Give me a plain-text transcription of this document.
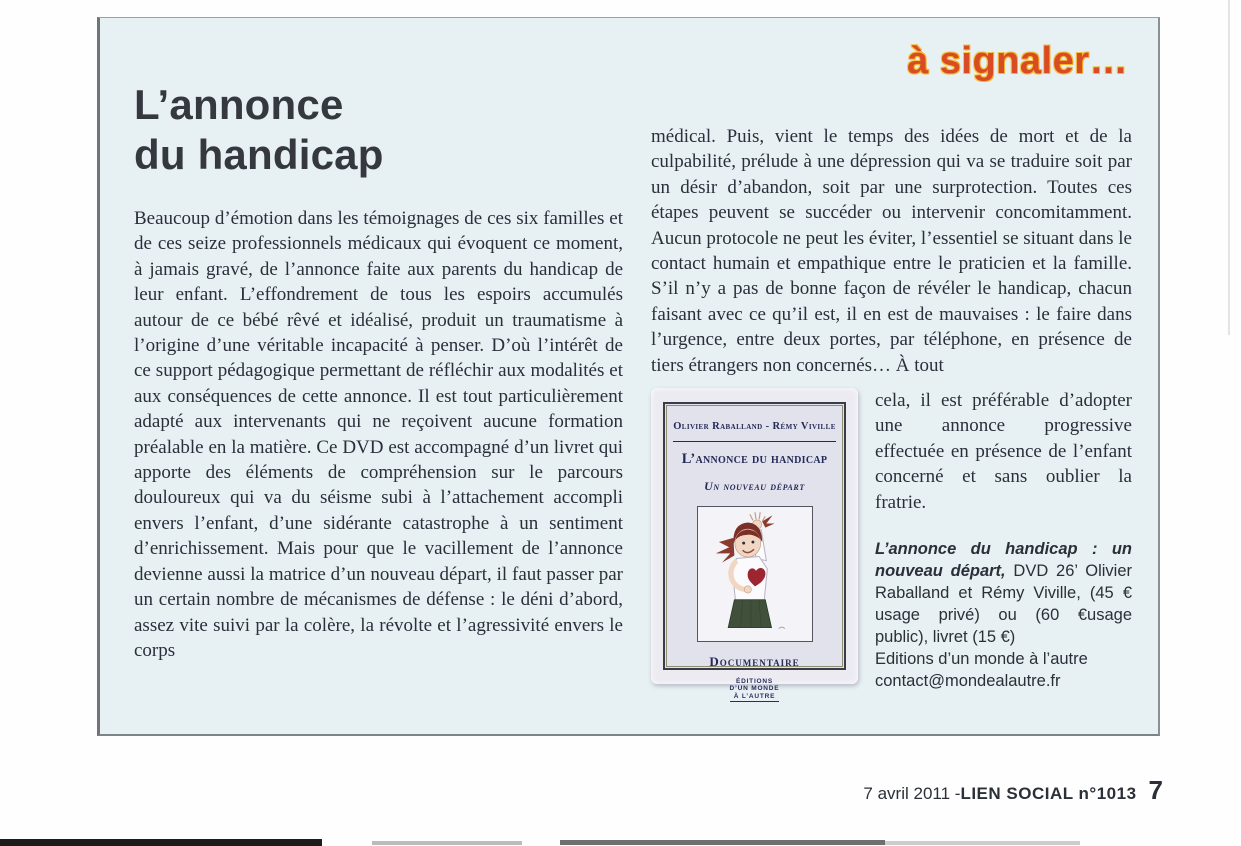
à signaler…
L’annonce
du handicap

Beaucoup d’émotion dans les témoignages de ces six familles et de ces seize professionnels médicaux qui évoquent ce moment, à jamais gravé, de l’annonce faite aux parents du handicap de leur enfant. L’effondrement de tous les espoirs accumulés autour de ce bébé rêvé et idéalisé, produit un traumatisme à l’origine d’une véritable incapacité à penser. D’où l’intérêt de ce support pédagogique permettant de réfléchir aux modalités et aux conséquences de cette annonce. Il est tout particulièrement adapté aux intervenants qui ne reçoivent aucune formation préalable en la matière. Ce DVD est accompagné d’un livret qui apporte des éléments de compréhension sur le parcours douloureux qui va du séisme subi à l’attachement accompli envers l’enfant, d’une sidérante catastrophe à un sentiment d’enrichissement. Mais pour que le vacillement de l’annonce devienne aussi la matrice d’un nouveau départ, il faut passer par un certain nombre de mécanismes de défense : le déni d’abord, assez vite suivi par la colère, la révolte et l’agressivité envers le corps

médical. Puis, vient le temps des idées de mort et de la culpabilité, prélude à une dépression qui va se traduire soit par un désir d’abandon, soit par une surprotection. Toutes ces étapes peuvent se succéder ou intervenir concomitamment. Aucun protocole ne peut les éviter, l’essentiel se situant dans le contact humain et empathique entre le praticien et la famille. S’il n’y a pas de bonne façon de révéler le handicap, chacun faisant avec ce qu’il est, il en est de mauvaises : le faire dans l’urgence, entre deux portes, par téléphone, en présence de tiers étrangers non concernés… À tout

Olivier Raballand - Rémy Viville
L’annonce du handicap
Un nouveau départ
Documentaire
ÉDITIONS
D’UN MONDE
À L’AUTRE

cela, il est préférable d’adopter une annonce progressive effectuée en présence de l’enfant concerné et sans oublier la fratrie.

L’annonce du handicap : un nouveau départ, DVD 26’ Olivier Raballand et Rémy Viville, (45 € usage privé) ou (60 €usage public), livret (15 €)

Editions d’un monde à l’autre

contact@mondealautre.fr

7 avril 2011 - LIEN SOCIAL n°1013 7
